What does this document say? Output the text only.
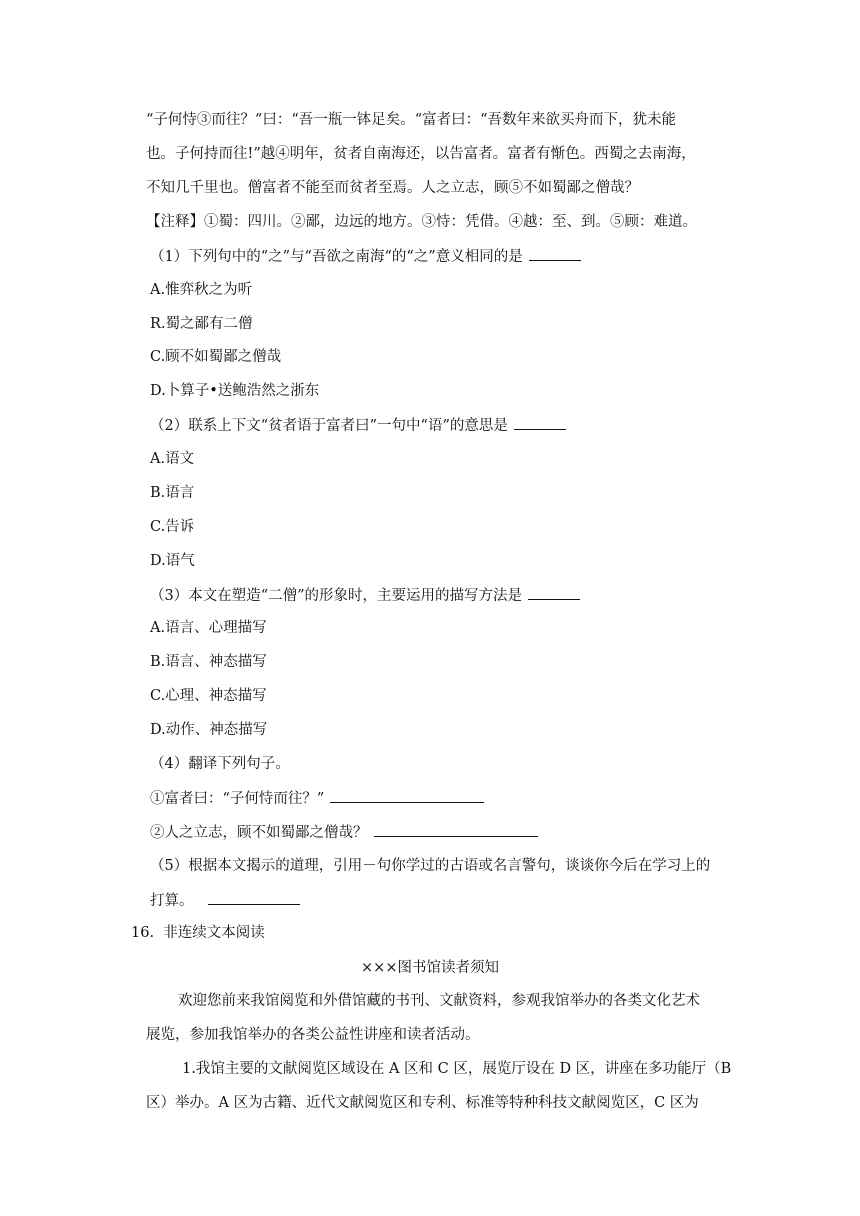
“子何恃③而往？“曰：“吾一瓶一钵足矣。“富者曰：“吾数年来欲买舟而下，犹未能
也。子何持而往!”越④明年，贫者自南海还，以告富者。富者有惭色。西蜀之去南海，
不知几千里也。僧富者不能至而贫者至焉。人之立志，顾⑤不如蜀鄙之僧哉？
【注释】①蜀：四川。②鄙，边远的地方。③恃：凭借。④越：至、到。⑤顾：难道。
（1）下列句中的“之”与“吾欲之南海“的“之”意义相同的是
A.惟弈秋之为听
R.蜀之鄙有二僧
C.顾不如蜀鄙之僧哉
D.卜算子•送鲍浩然之浙东
（2）联系上下文“贫者语于富者曰”一句中“语”的意思是
A.语文
B.语言
C.告诉
D.语气
（3）本文在塑造“二僧”的形象时，主要运用的描写方法是
A.语言、心理描写
B.语言、神态描写
C.心理、神态描写
D.动作、神态描写
（4）翻译下列句子。
①富者曰：“子何恃而往？”
②人之立志，顾不如蜀鄙之僧哉？
（5）根据本文揭示的道理，引用－句你学过的古语或名言警句，谈谈你今后在学习上的
打算。
16. 非连续文本阅读
×××图书馆读者须知
欢迎您前来我馆阅览和外借馆藏的书刊、文献资料，参观我馆举办的各类文化艺术
展览，参加我馆举办的各类公益性讲座和读者活动。
1.我馆主要的文献阅览区域设在 A 区和 C 区，展览厅设在 D 区，讲座在多功能厅（B
区）举办。A 区为古籍、近代文献阅览区和专利、标准等特种科技文献阅览区，C 区为
